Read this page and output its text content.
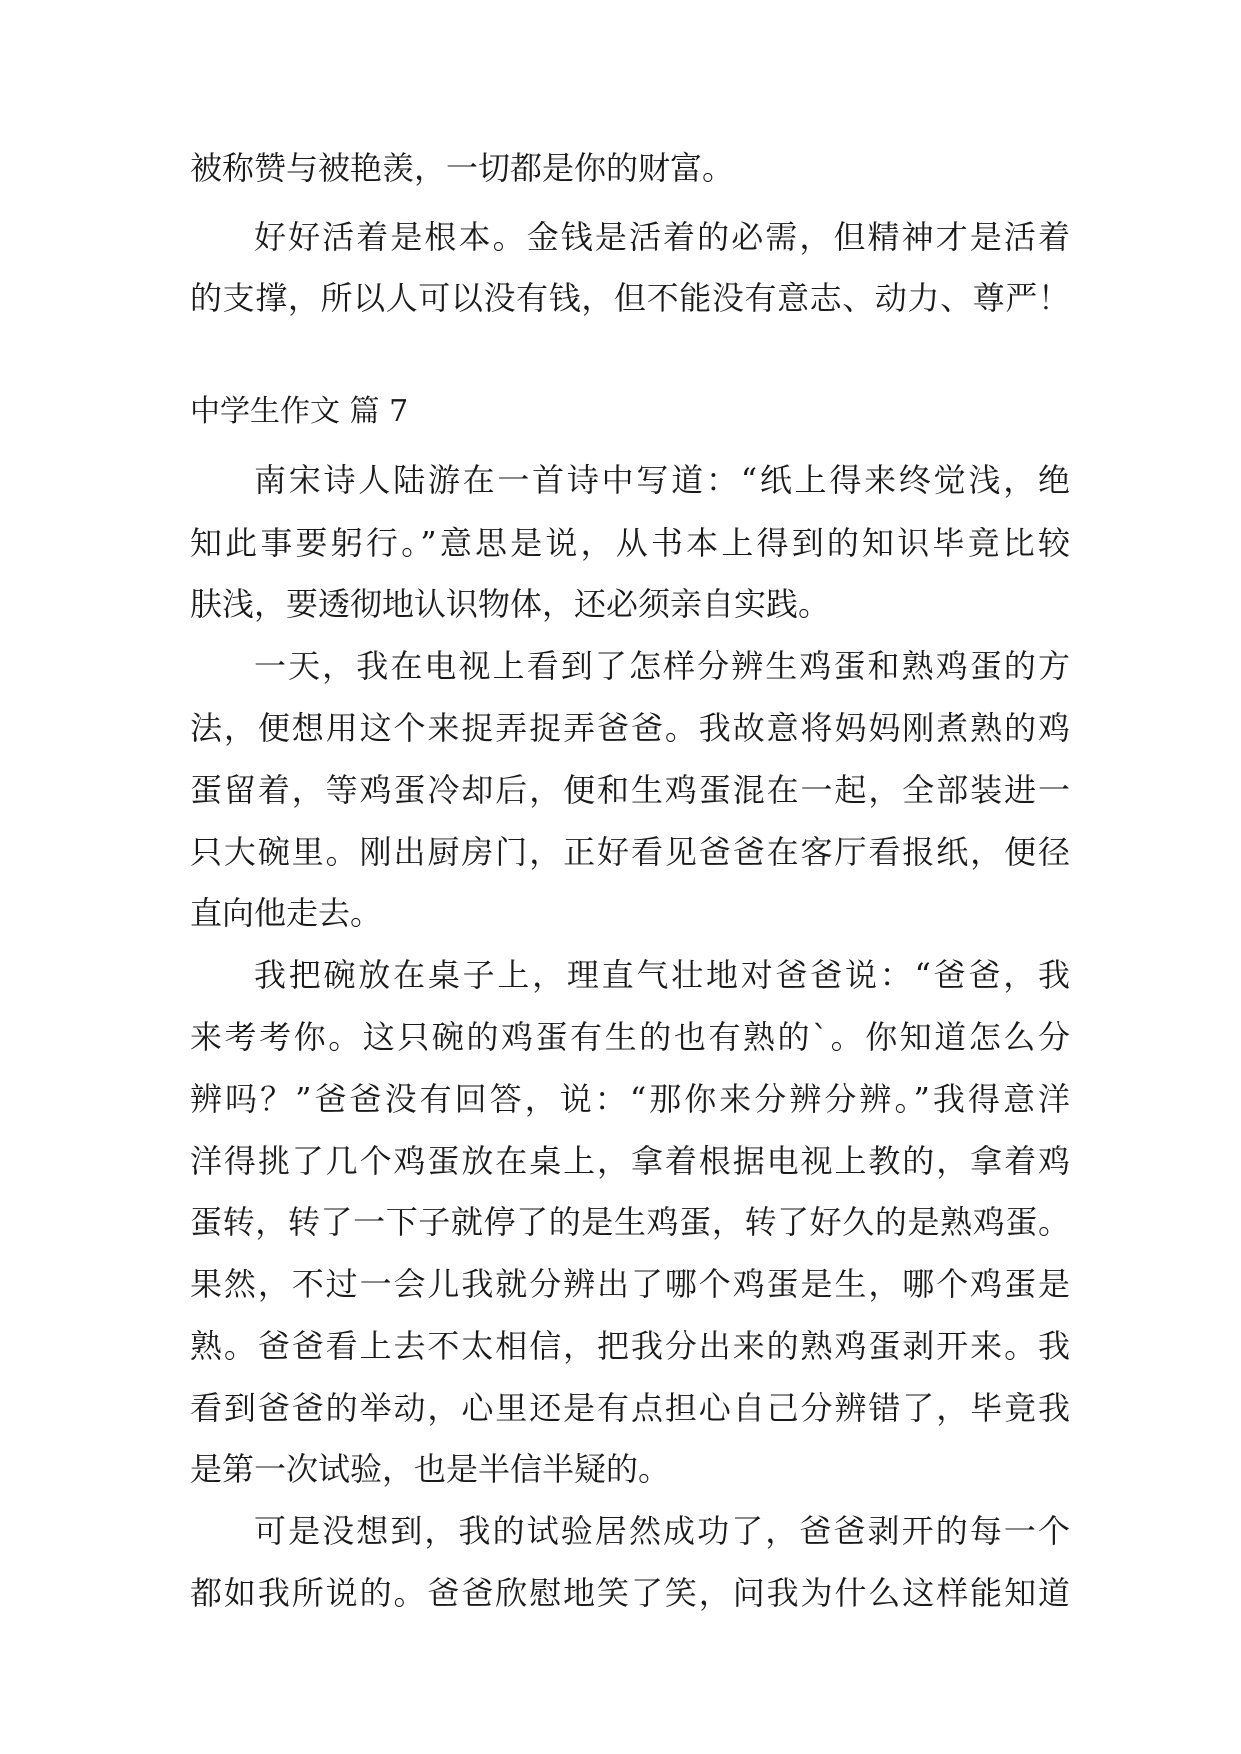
被称赞与被艳羡，一切都是你的财富。
好好活着是根本。金钱是活着的必需，但精神才是活着
的支撑，所以人可以没有钱，但不能没有意志、动力、尊严！
中学生作文 篇 7
南宋诗人陆游在一首诗中写道：“纸上得来终觉浅，绝
知此事要躬行。”意思是说，从书本上得到的知识毕竟比较
肤浅，要透彻地认识物体，还必须亲自实践。
一天，我在电视上看到了怎样分辨生鸡蛋和熟鸡蛋的方
法，便想用这个来捉弄捉弄爸爸。我故意将妈妈刚煮熟的鸡
蛋留着，等鸡蛋冷却后，便和生鸡蛋混在一起，全部装进一
只大碗里。刚出厨房门，正好看见爸爸在客厅看报纸，便径
直向他走去。
我把碗放在桌子上，理直气壮地对爸爸说：“爸爸，我
来考考你。这只碗的鸡蛋有生的也有熟的`。你知道怎么分
辨吗？”爸爸没有回答，说：“那你来分辨分辨。”我得意洋
洋得挑了几个鸡蛋放在桌上，拿着根据电视上教的，拿着鸡
蛋转，转了一下子就停了的是生鸡蛋，转了好久的是熟鸡蛋。
果然，不过一会儿我就分辨出了哪个鸡蛋是生，哪个鸡蛋是
熟。爸爸看上去不太相信，把我分出来的熟鸡蛋剥开来。我
看到爸爸的举动，心里还是有点担心自己分辨错了，毕竟我
是第一次试验，也是半信半疑的。
可是没想到，我的试验居然成功了，爸爸剥开的每一个
都如我所说的。爸爸欣慰地笑了笑，问我为什么这样能知道
